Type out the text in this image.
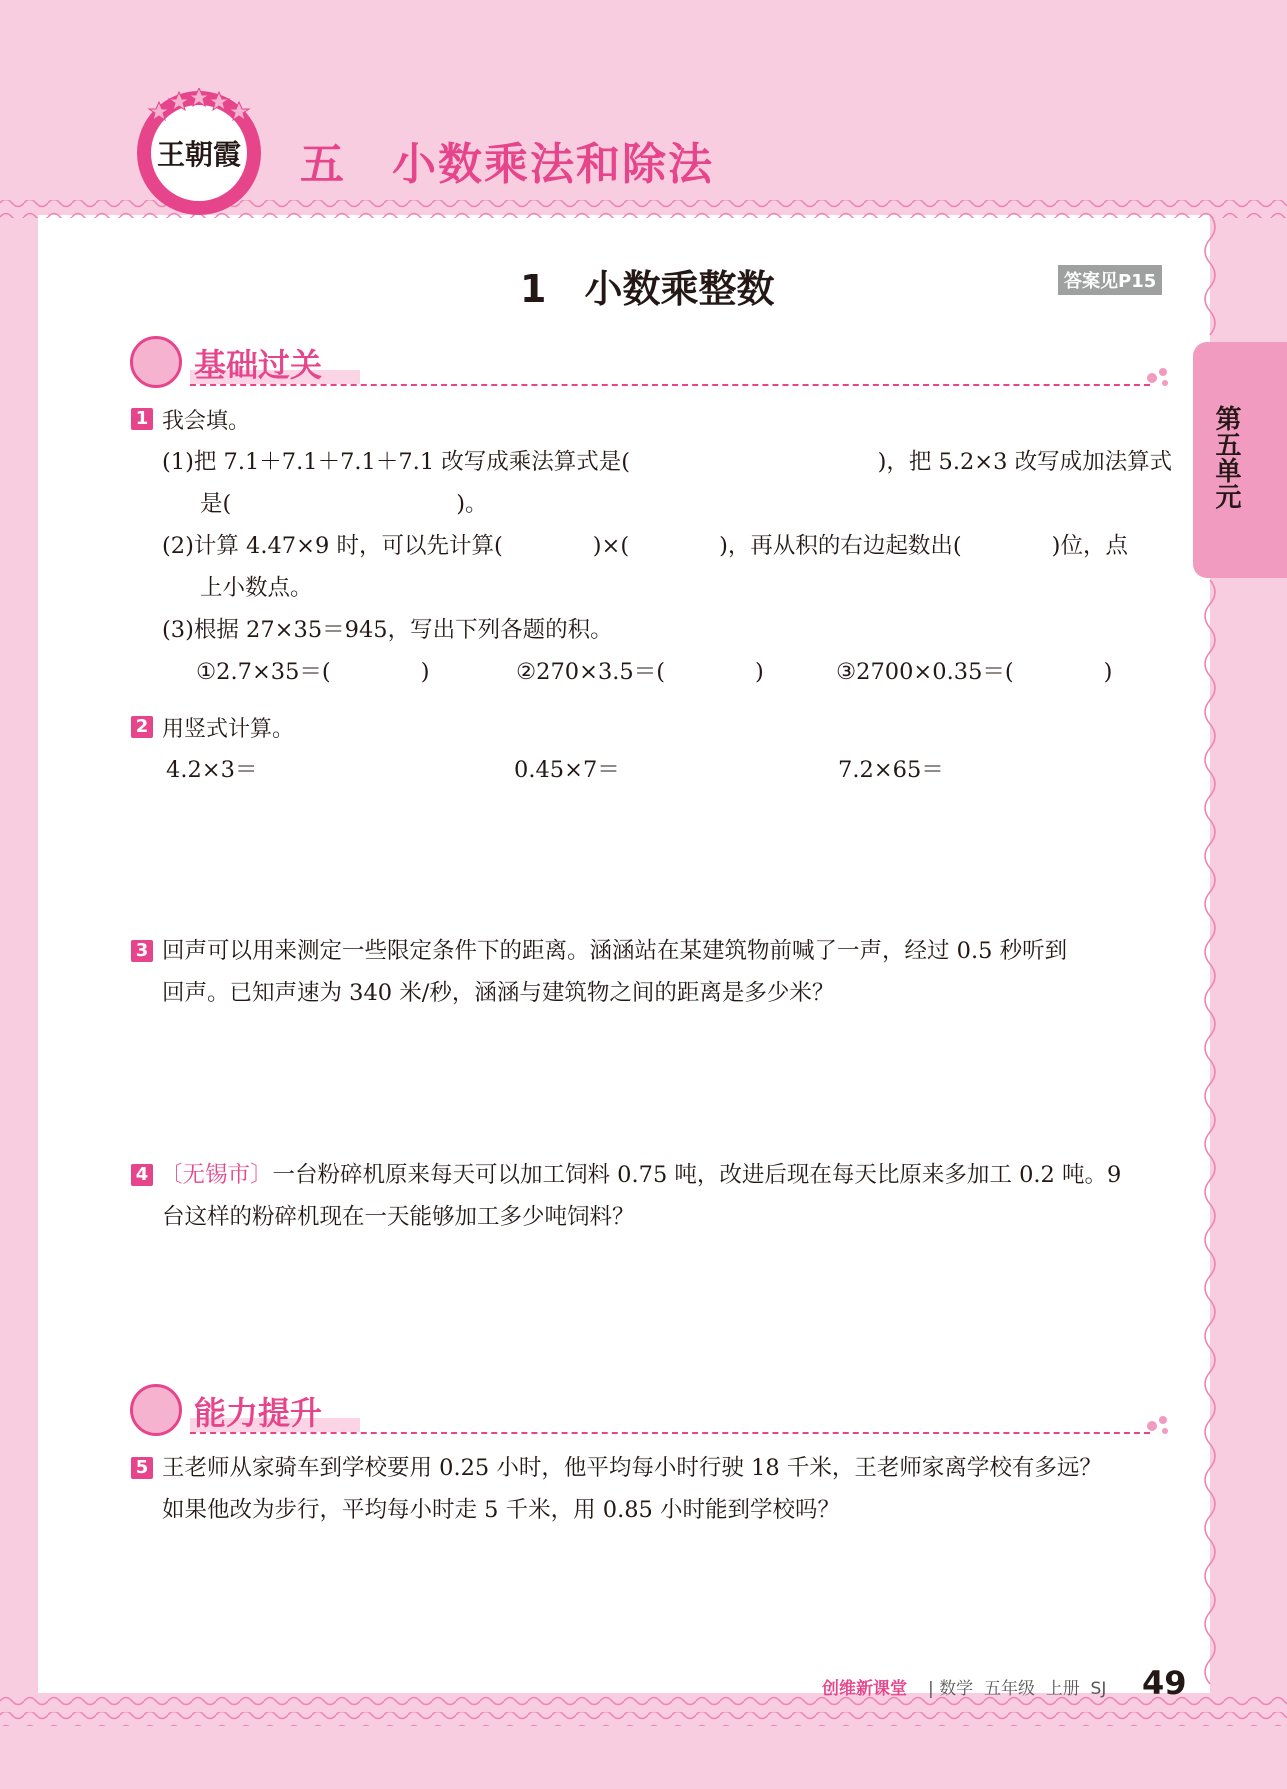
王朝霞 五　小数乘法和除法
1　小数乘整数	答案见P15
第五单元
基础过关
1 我会填。
(1)把 7.1＋7.1＋7.1＋7.1 改写成乘法算式是(　　　　　　　　　　　)，把 5.2×3 改写成加法算式
是(　　　　　　　　　　)。
(2)计算 4.47×9 时，可以先计算(　　　　)×(　　　　)，再从积的右边起数出(　　　　)位，点
上小数点。
(3)根据 27×35＝945，写出下列各题的积。
①2.7×35＝(　　　　)	②270×3.5＝(　　　　)	③2700×0.35＝(　　　　)
2 用竖式计算。
4.2×3＝	0.45×7＝	7.2×65＝
3 回声可以用来测定一些限定条件下的距离。涵涵站在某建筑物前喊了一声，经过 0.5 秒听到
回声。已知声速为 340 米/秒，涵涵与建筑物之间的距离是多少米？
4 〔无锡市〕一台粉碎机原来每天可以加工饲料 0.75 吨，改进后现在每天比原来多加工 0.2 吨。9
台这样的粉碎机现在一天能够加工多少吨饲料？
能力提升
5 王老师从家骑车到学校要用 0.25 小时，他平均每小时行驶 18 千米，王老师家离学校有多远？
如果他改为步行，平均每小时走 5 千米，用 0.85 小时能到学校吗？
创维新课堂 | 数学  五年级  上册  SJ 49
